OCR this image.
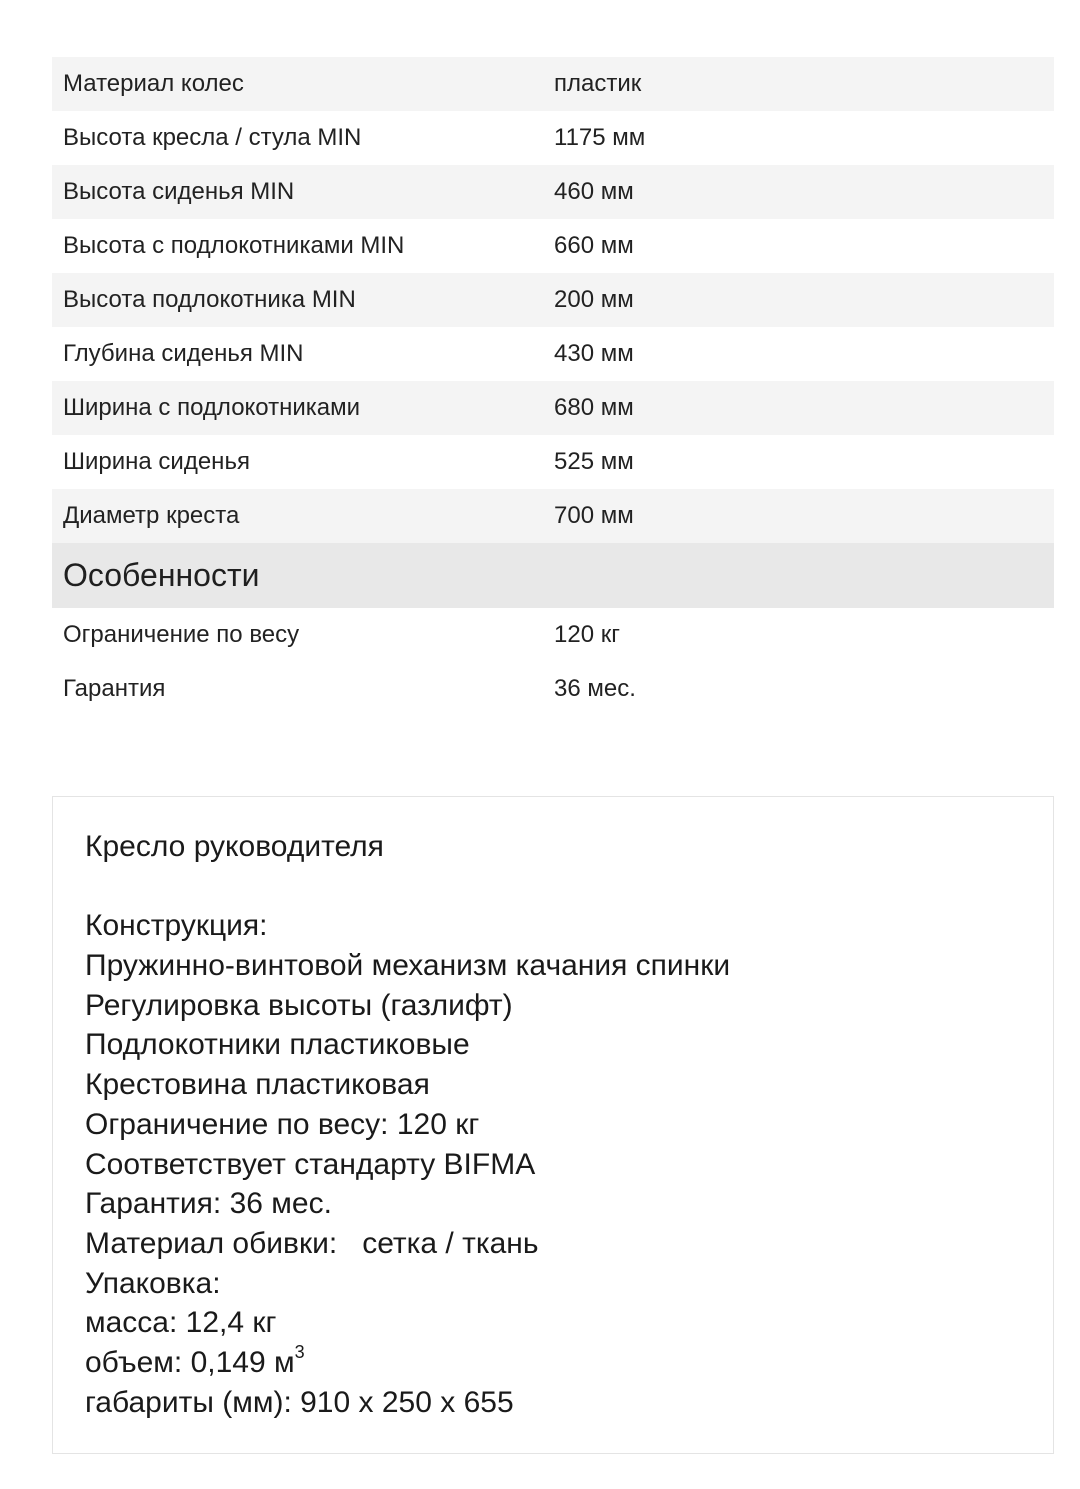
Материал колес	пластик
Высота кресла / стула MIN	1175 мм
Высота сиденья MIN	460 мм
Высота с подлокотниками MIN	660 мм
Высота подлокотника MIN	200 мм
Глубина сиденья MIN	430 мм
Ширина с подлокотниками	680 мм
Ширина сиденья	525 мм
Диаметр креста	700 мм
Особенности
Ограничение по весу	120 кг
Гарантия	36 мес.
Кресло руководителя
Конструкция:
Пружинно-винтовой механизм качания спинки
Регулировка высоты (газлифт)
Подлокотники пластиковые
Крестовина пластиковая
Ограничение по весу: 120 кг
Соответствует стандарту BIFMA
Гарантия: 36 мес.
Материал обивки:   сетка / ткань
Упаковка:
масса: 12,4 кг
объем: 0,149 $м^3$
габариты (мм): 910 х 250 х 655
